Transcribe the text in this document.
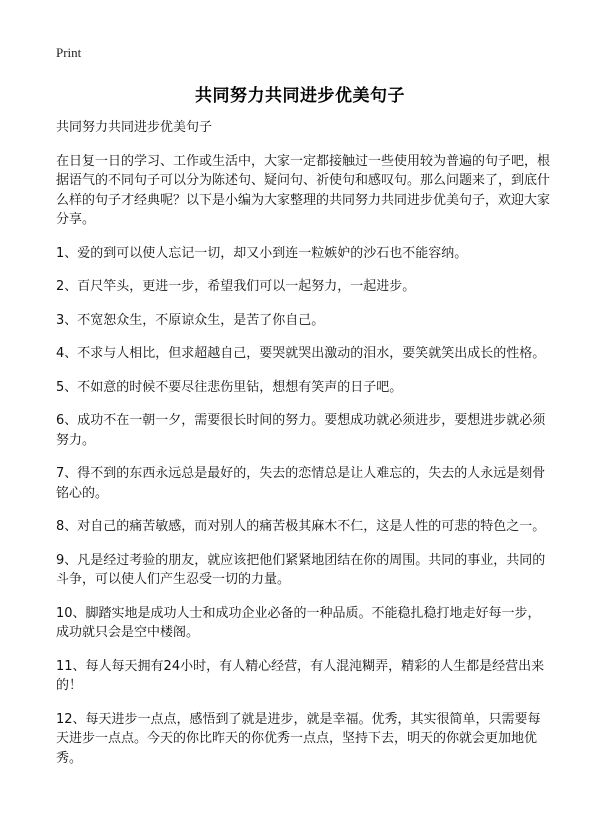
Print
共同努力共同进步优美句子

共同努力共同进步优美句子

在日复一日的学习、工作或生活中，大家一定都接触过一些使用较为普遍的句子吧，根据语气的不同句子可以分为陈述句、疑问句、祈使句和感叹句。那么问题来了，到底什么样的句子才经典呢？以下是小编为大家整理的共同努力共同进步优美句子，欢迎大家分享。

1、爱的到可以使人忘记一切，却又小到连一粒嫉妒的沙石也不能容纳。

2、百尺竿头，更进一步，希望我们可以一起努力，一起进步。

3、不宽恕众生，不原谅众生，是苦了你自己。

4、不求与人相比，但求超越自己，要哭就哭出激动的泪水，要笑就笑出成长的性格。

5、不如意的时候不要尽往悲伤里钻，想想有笑声的日子吧。

6、成功不在一朝一夕，需要很长时间的努力。要想成功就必须进步，要想进步就必须努力。

7、得不到的东西永远总是最好的，失去的恋情总是让人难忘的，失去的人永远是刻骨铭心的。

8、对自己的痛苦敏感，而对别人的痛苦极其麻木不仁，这是人性的可悲的特色之一。

9、凡是经过考验的朋友，就应该把他们紧紧地团结在你的周围。共同的事业，共同的斗争，可以使人们产生忍受一切的力量。

10、脚踏实地是成功人士和成功企业必备的一种品质。不能稳扎稳打地走好每一步，成功就只会是空中楼阁。

11、每人每天拥有24小时，有人精心经营，有人混沌糊弄，精彩的人生都是经营出来的！

12、每天进步一点点，感悟到了就是进步，就是幸福。优秀，其实很简单，只需要每天进步一点点。今天的你比昨天的你优秀一点点，坚持下去，明天的你就会更加地优秀。
